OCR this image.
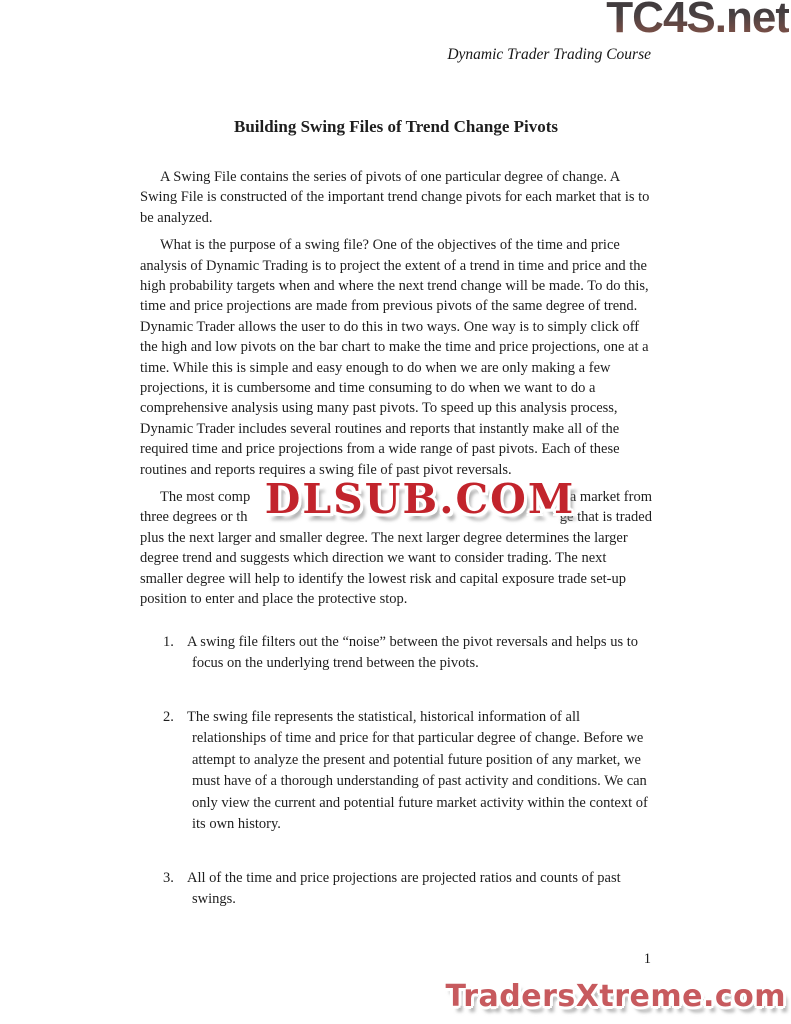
TC4S.net
Dynamic Trader Trading Course
Building Swing Files of Trend Change Pivots

A Swing File contains the series of pivots of one particular degree of change. A Swing File is constructed of the important trend change pivots for each market that is to be analyzed.

What is the purpose of a swing file? One of the objectives of the time and price analysis of Dynamic Trading is to project the extent of a trend in time and price and the high probability targets when and where the next trend change will be made. To do this, time and price projections are made from previous pivots of the same degree of trend. Dynamic Trader allows the user to do this in two ways. One way is to simply click off the high and low pivots on the bar chart to make the time and price projections, one at a time. While this is simple and easy enough to do when we are only making a few projections, it is cumbersome and time consuming to do when we want to do a comprehensive analysis using many past pivots. To speed up this analysis process, Dynamic Trader includes several routines and reports that instantly make all of the required time and price projections from a wide range of past pivots. Each of these routines and reports requires a swing file of past pivot reversals.

The most comp	s a market from
three degrees or th	ge that is traded

plus the next larger and smaller degree. The next larger degree determines the larger degree trend and suggests which direction we want to consider trading. The next smaller degree will help to identify the lowest risk and capital exposure trade set-up position to enter and place the protective stop.

DLSUB.COM
1. A swing file filters out the “noise” between the pivot reversals and helps us to focus on the underlying trend between the pivots.
2. The swing file represents the statistical, historical information of all relationships of time and price for that particular degree of change. Before we attempt to analyze the present and potential future position of any market, we must have of a thorough understanding of past activity and conditions. We can only view the current and potential future market activity within the context of its own history.
3. All of the time and price projections are projected ratios and counts of past swings.
1
TradersXtreme.com
